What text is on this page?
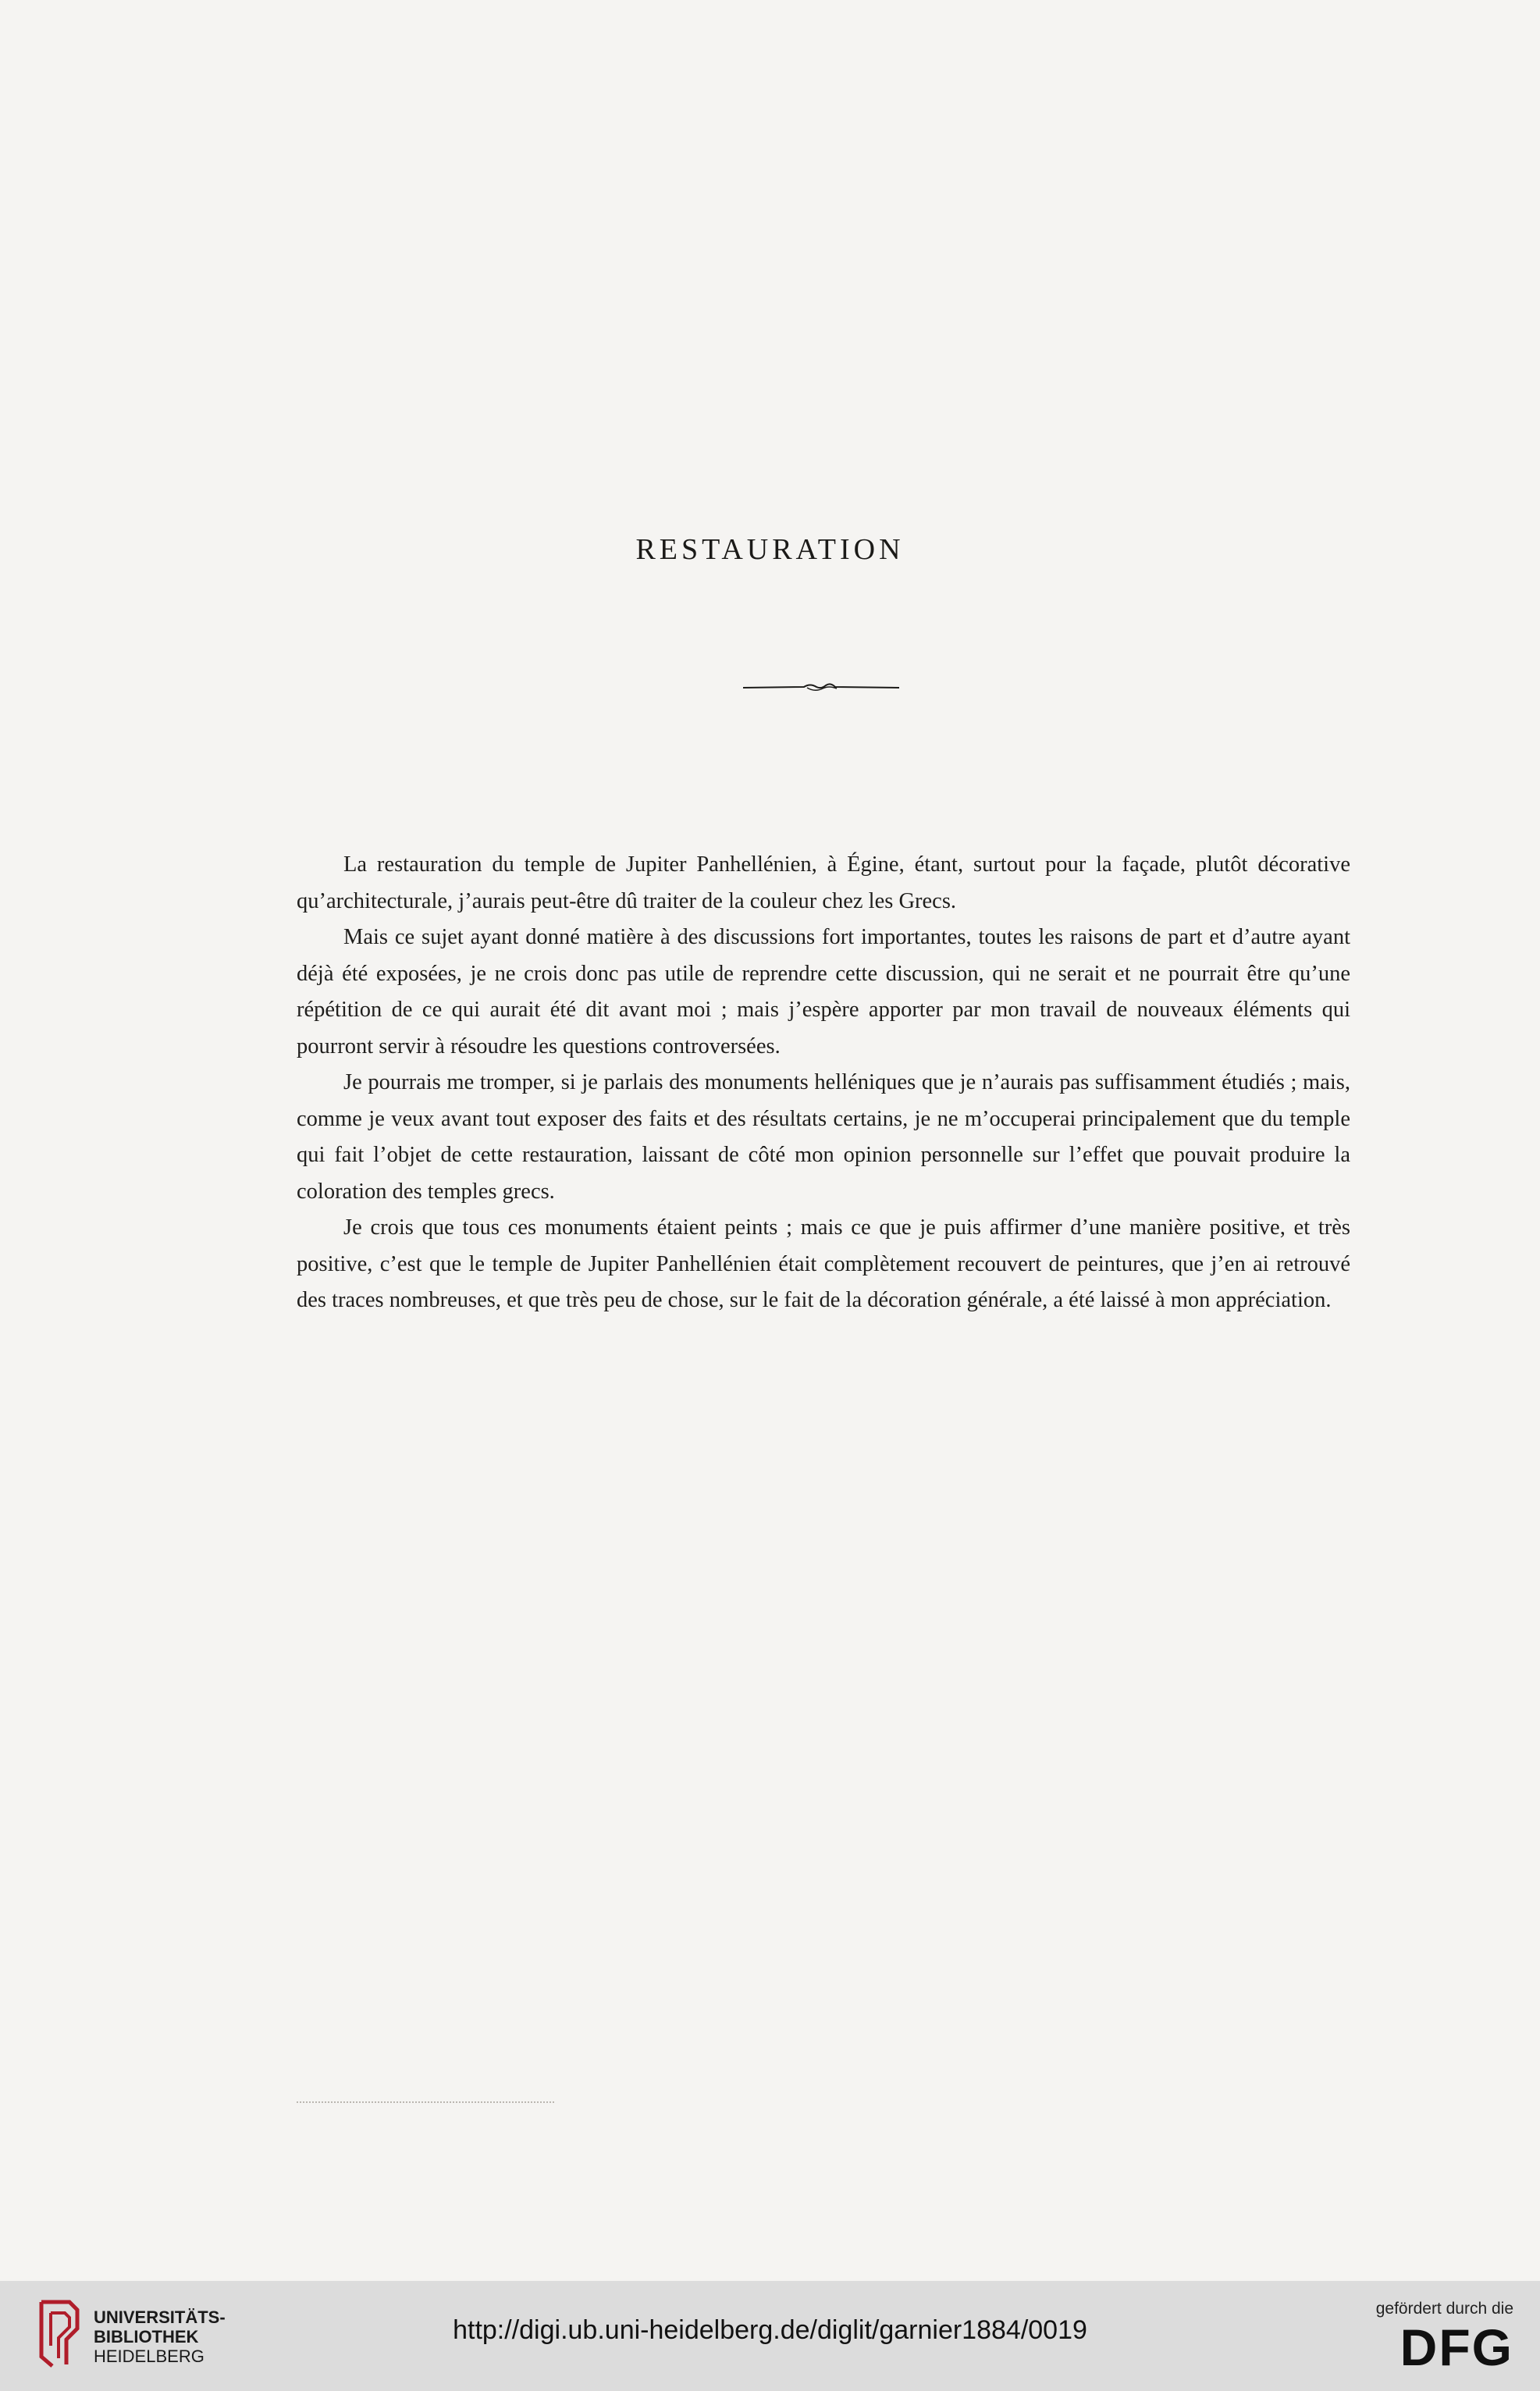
RESTAURATION

La restauration du temple de Jupiter Panhellénien, à Égine, étant, surtout pour la façade, plutôt décorative qu’architecturale, j’aurais peut-être dû traiter de la couleur chez les Grecs.

Mais ce sujet ayant donné matière à des discussions fort importantes, toutes les raisons de part et d’autre ayant déjà été exposées, je ne crois donc pas utile de reprendre cette discussion, qui ne serait et ne pourrait être qu’une répétition de ce qui aurait été dit avant moi ; mais j’espère apporter par mon travail de nouveaux éléments qui pourront servir à résoudre les questions controversées.

Je pourrais me tromper, si je parlais des monuments helléniques que je n’aurais pas suffisamment étudiés ; mais, comme je veux avant tout exposer des faits et des résultats certains, je ne m’occuperai principalement que du temple qui fait l’objet de cette restauration, laissant de côté mon opinion personnelle sur l’effet que pouvait produire la coloration des temples grecs.

Je crois que tous ces monuments étaient peints ; mais ce que je puis affirmer d’une manière positive, et très positive, c’est que le temple de Jupiter Panhellénien était complètement recouvert de peintures, que j’en ai retrouvé des traces nombreuses, et que très peu de chose, sur le fait de la décoration générale, a été laissé à mon appréciation.

UNIVERSITÄTS-
BIBLIOTHEK
HEIDELBERG
http://digi.ub.uni-heidelberg.de/diglit/garnier1884/0019
gefördert durch die
DFG
